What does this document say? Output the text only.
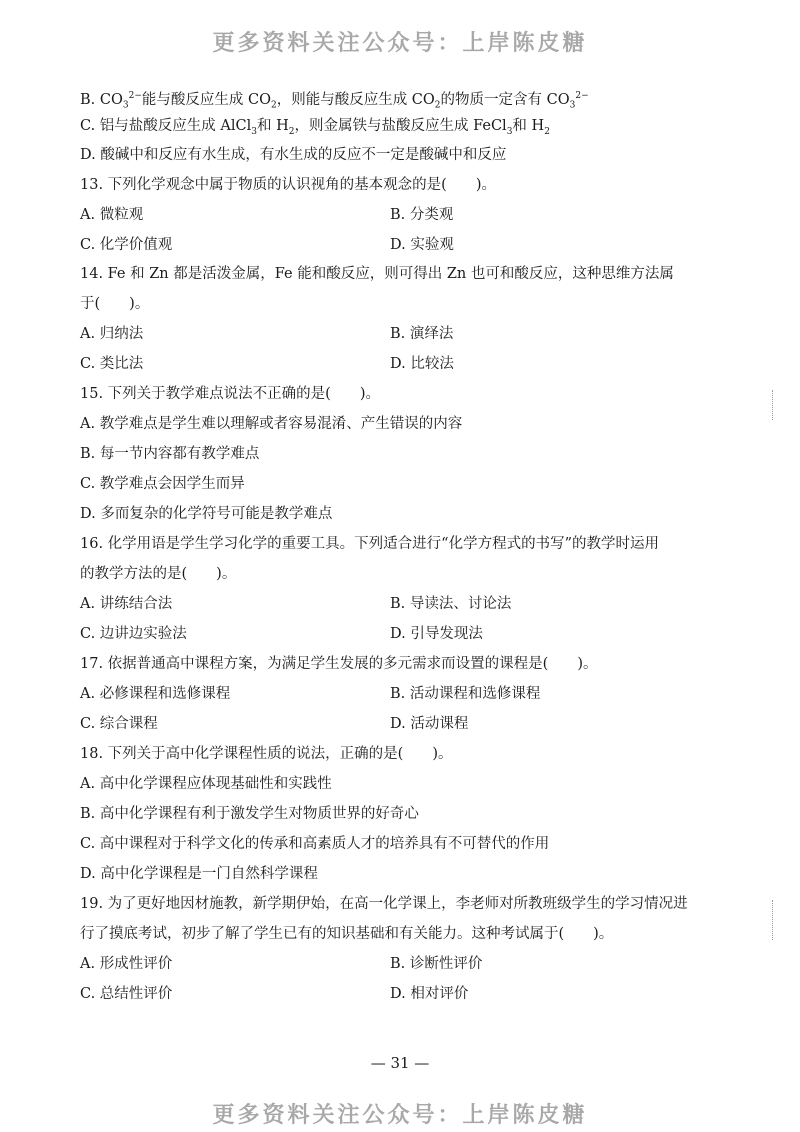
更多资料关注公众号：上岸陈皮糖
B. $CO_3^{2-}$能与酸反应生成 $CO_2$，则能与酸反应生成 $CO_2$的物质一定含有 $CO_3^{2-}$
C. 铝与盐酸反应生成 AlCl$_3$和 $H_2$，则金属铁与盐酸反应生成 FeCl$_3$和 $H_2$
D. 酸碱中和反应有水生成，有水生成的反应不一定是酸碱中和反应
13. 下列化学观念中属于物质的认识视角的基本观念的是(　　)。
A. 微粒观	B. 分类观
C. 化学价值观	D. 实验观
14. Fe 和 Zn 都是活泼金属，Fe 能和酸反应，则可得出 Zn 也可和酸反应，这种思维方法属
于(　　)。
A. 归纳法	B. 演绎法
C. 类比法	D. 比较法
15. 下列关于教学难点说法不正确的是(　　)。
A. 教学难点是学生难以理解或者容易混淆、产生错误的内容
B. 每一节内容都有教学难点
C. 教学难点会因学生而异
D. 多而复杂的化学符号可能是教学难点
16. 化学用语是学生学习化学的重要工具。下列适合进行“化学方程式的书写”的教学时运用
的教学方法的是(　　)。
A. 讲练结合法	B. 导读法、讨论法
C. 边讲边实验法	D. 引导发现法
17. 依据普通高中课程方案，为满足学生发展的多元需求而设置的课程是(　　)。
A. 必修课程和选修课程	B. 活动课程和选修课程
C. 综合课程	D. 活动课程
18. 下列关于高中化学课程性质的说法，正确的是(　　)。
A. 高中化学课程应体现基础性和实践性
B. 高中化学课程有利于激发学生对物质世界的好奇心
C. 高中课程对于科学文化的传承和高素质人才的培养具有不可替代的作用
D. 高中化学课程是一门自然科学课程
19. 为了更好地因材施教，新学期伊始，在高一化学课上，李老师对所教班级学生的学习情况进
行了摸底考试，初步了解了学生已有的知识基础和有关能力。这种考试属于(　　)。
A. 形成性评价	B. 诊断性评价
C. 总结性评价	D. 相对评价
— 31 —
更多资料关注公众号：上岸陈皮糖
